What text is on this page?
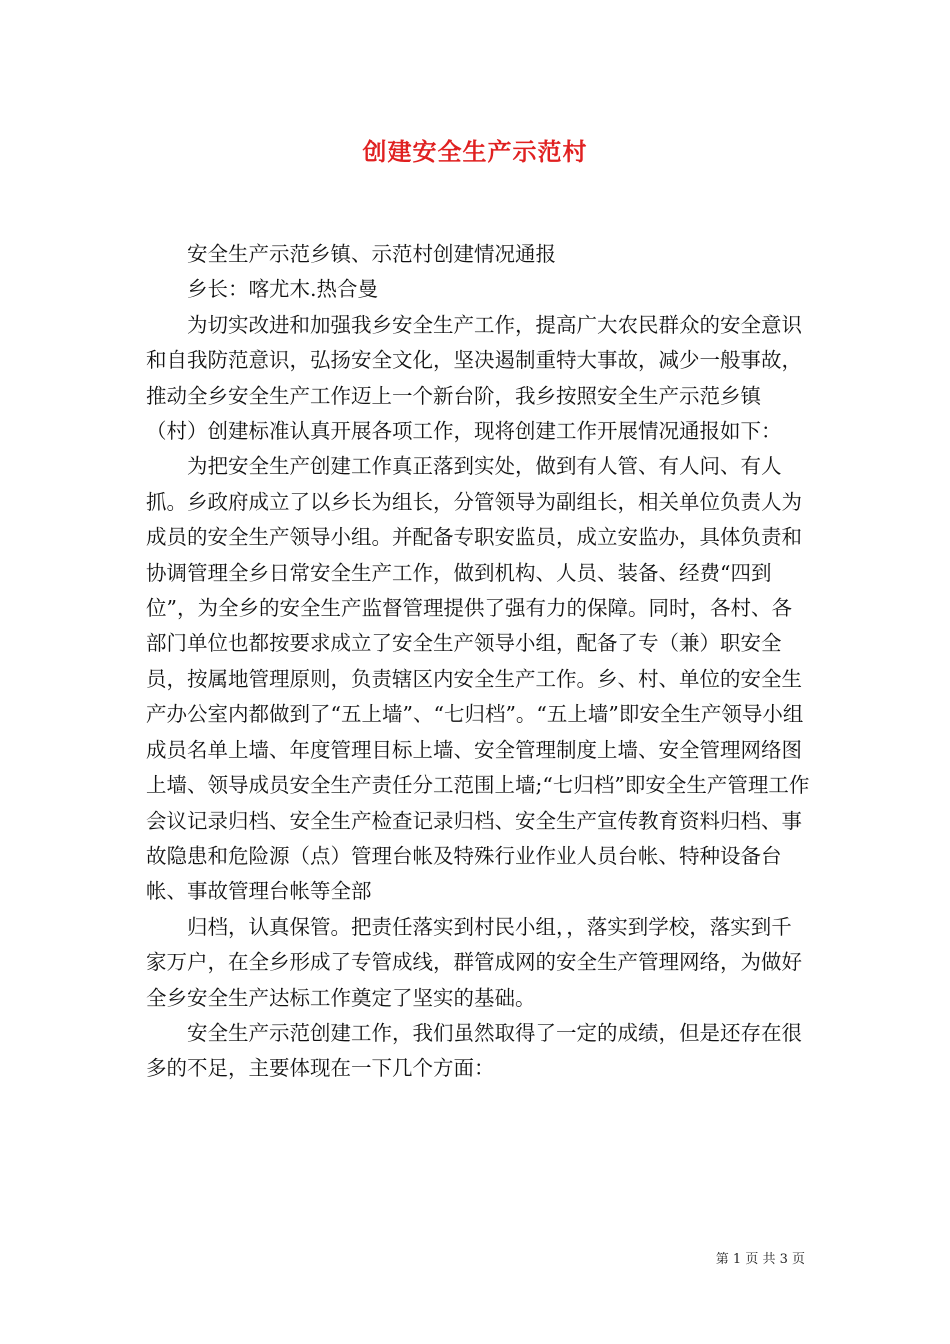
创建安全生产示范村

安全生产示范乡镇、示范村创建情况通报

乡长：喀尤木.热合曼

为切实改进和加强我乡安全生产工作，提高广大农民群众的安全意识和自我防范意识，弘扬安全文化，坚决遏制重特大事故，减少一般事故，推动全乡安全生产工作迈上一个新台阶，我乡按照安全生产示范乡镇（村）创建标准认真开展各项工作，现将创建工作开展情况通报如下：

为把安全生产创建工作真正落到实处，做到有人管、有人问、有人抓。乡政府成立了以乡长为组长，分管领导为副组长，相关单位负责人为成员的安全生产领导小组。并配备专职安监员，成立安监办，具体负责和协调管理全乡日常安全生产工作，做到机构、人员、装备、经费“四到位”，为全乡的安全生产监督管理提供了强有力的保障。同时，各村、各部门单位也都按要求成立了安全生产领导小组，配备了专（兼）职安全员，按属地管理原则，负责辖区内安全生产工作。乡、村、单位的安全生产办公室内都做到了“五上墙”、“七归档”。“五上墙”即安全生产领导小组成员名单上墙、年度管理目标上墙、安全管理制度上墙、安全管理网络图上墙、领导成员安全生产责任分工范围上墙;“七归档”即安全生产管理工作会议记录归档、安全生产检查记录归档、安全生产宣传教育资料归档、事故隐患和危险源（点）管理台帐及特殊行业作业人员台帐、特种设备台帐、事故管理台帐等全部

归档，认真保管。把责任落实到村民小组，，落实到学校，落实到千家万户，在全乡形成了专管成线，群管成网的安全生产管理网络，为做好全乡安全生产达标工作奠定了坚实的基础。

安全生产示范创建工作，我们虽然取得了一定的成绩，但是还存在很多的不足，主要体现在一下几个方面：

第 1 页 共 3 页
